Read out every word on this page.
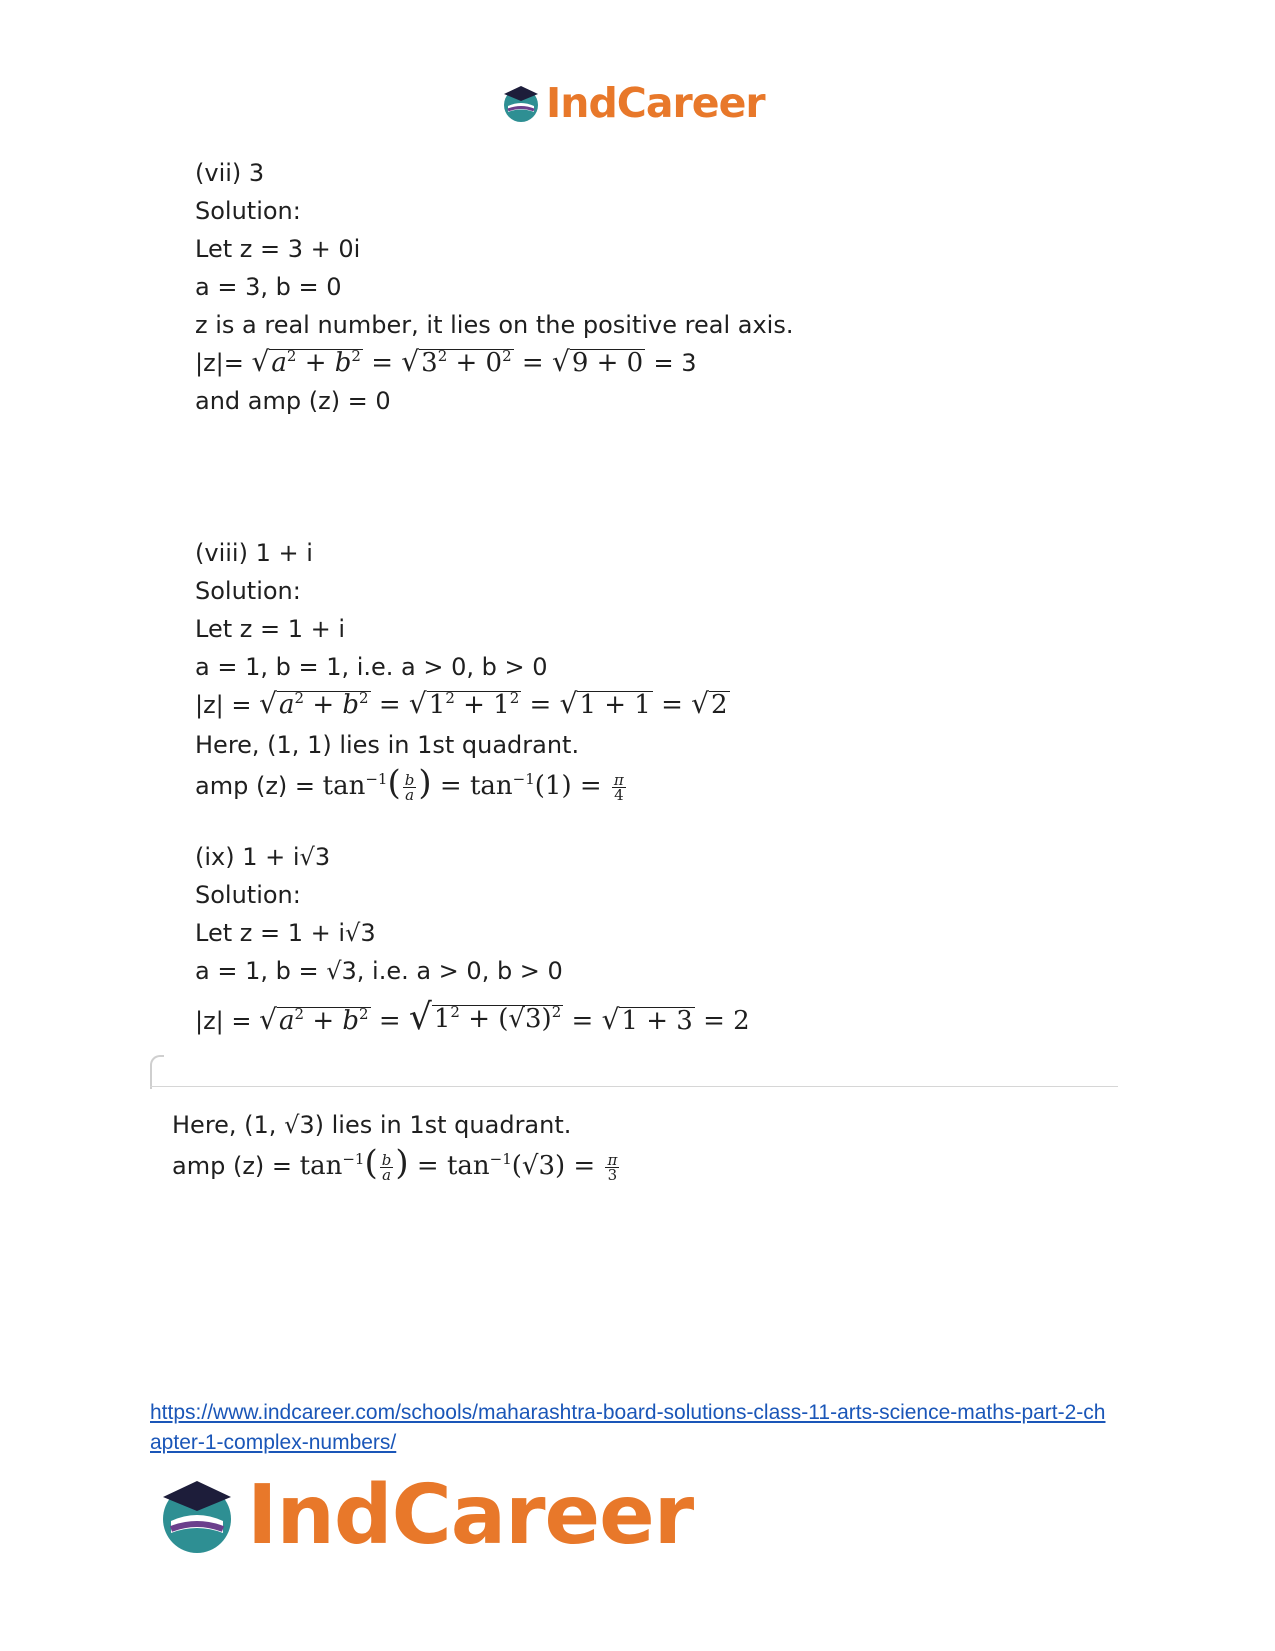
IndCareer
(vii) 3
Solution:
Let z = 3 + 0i
a = 3, b = 0
z is a real number, it lies on the positive real axis.
|z|= √ $a^2 + b^2$ = √ $3^2 + 0^2$ = √ 9 + 0 = 3
and amp (z) = 0
(viii) 1 + i
Solution:
Let z = 1 + i
a = 1, b = 1, i.e. a > 0, b > 0
|z| = √ $a^2 + b^2$ = √ $1^2 + 1^2$ = √ 1 + 1 = √ 2
Here, (1, 1) lies in 1st quadrant.
amp $(z) = \tan^{-1}( \frac{b}{a}$ ) = $\tan^{-1}(1) = \frac{\pi}{4}$
(ix) 1 + i√3
Solution:
Let z = 1 + i√3
a = 1, b = √3, i.e. a > 0, b > 0
|z| = √ $a^2 + b^2$ = √ $1^2 + (√3)^2$ = √ 1 + 3 = 2
Here, (1, √3) lies in 1st quadrant.
amp $(z) = \tan^{-1}( \frac{b}{a}$ ) = $\tan^{-1}(√3) = \frac{\pi}{3}$
https://www.indcareer.com/schools/maharashtra-board-solutions-class-11-arts-science-maths-part-2-chapter-1-complex-numbers/
IndCareer
